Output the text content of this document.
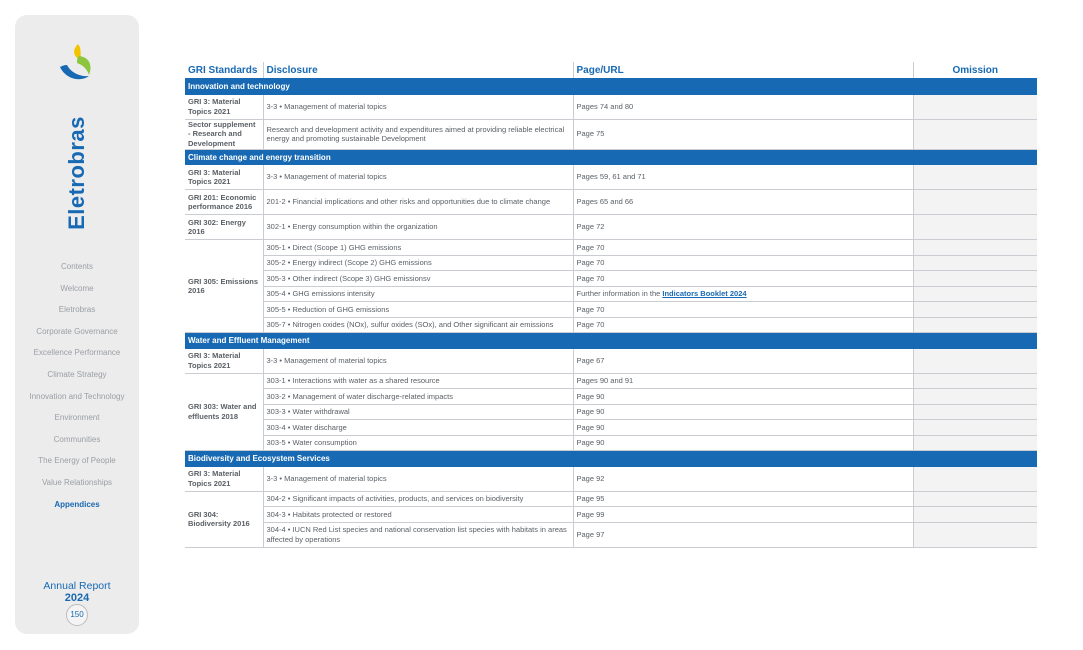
Eletrobras
Contents
Welcome
Eletrobras
Corporate Governance
Excellence Performance
Climate Strategy
Innovation and Technology
Environment
Communities
The Energy of People
Value Relationships
Appendices
Annual Report
2024
150
GRI Standards	Disclosure	Page/URL	Omission
Innovation and technology			
GRI 3: Material Topics 2021	3-3 • Management of material topics	Pages 74 and 80	
Sector supplement - Research and Development	Research and development activity and expenditures aimed at providing reliable electrical energy and promoting sustainable Development	Page 75	
Climate change and energy transition			
GRI 3: Material Topics 2021	3-3 • Management of material topics	Pages 59, 61 and 71	
GRI 201: Economic performance 2016	201-2 • Financial implications and other risks and opportunities due to climate change	Pages 65 and 66	
GRI 302: Energy 2016	302-1 • Energy consumption within the organization	Page 72	
GRI 305: Emissions 2016	305-1 • Direct (Scope 1) GHG emissions	Page 70	
	305-2 • Energy indirect (Scope 2) GHG emissions	Page 70	
	305-3 • Other indirect (Scope 3) GHG emissionsv	Page 70	
	305-4 • GHG emissions intensity	Further information in the Indicators Booklet 2024	
	305-5 • Reduction of GHG emissions	Page 70	
	305-7 • Nitrogen oxides (NOx), sulfur oxides (SOx), and Other significant air emissions	Page 70	
Water and Effluent Management			
GRI 3: Material Topics 2021	3-3 • Management of material topics	Page 67	
GRI 303: Water and effluents 2018	303-1 • Interactions with water as a shared resource	Pages 90 and 91	
	303-2 • Management of water discharge-related impacts	Page 90	
	303-3 • Water withdrawal	Page 90	
	303-4 • Water discharge	Page 90	
	303-5 • Water consumption	Page 90	
Biodiversity and Ecosystem Services			
GRI 3: Material Topics 2021	3-3 • Management of material topics	Page 92	
GRI 304: Biodiversity 2016	304-2 • Significant impacts of activities, products, and services on biodiversity	Page 95	
	304-3 • Habitats protected or restored	Page 99	
	304-4 • IUCN Red List species and national conservation list species with habitats in areas affected by operations	Page 97	
